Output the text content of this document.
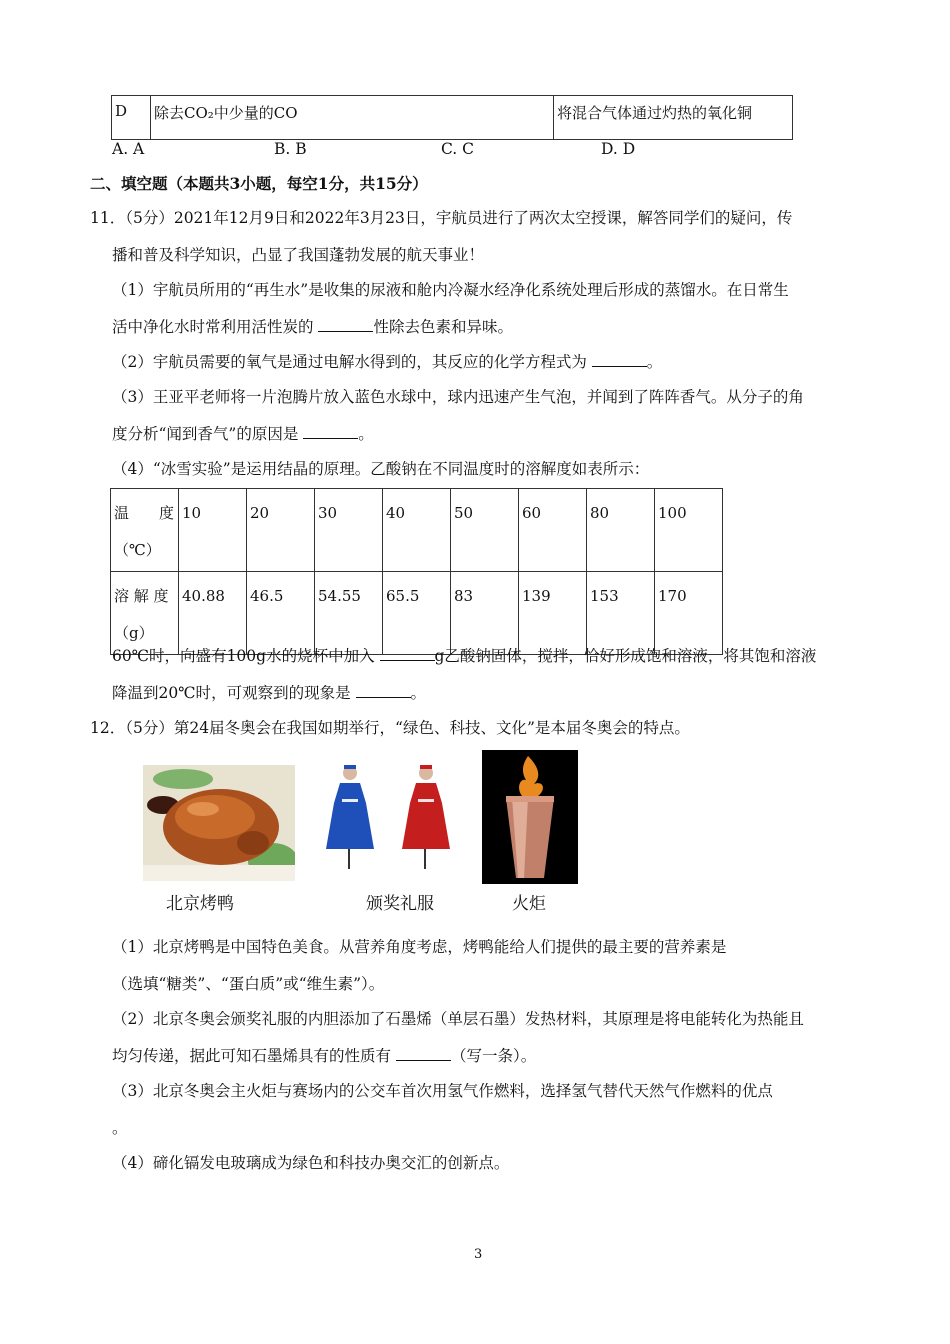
D	除去CO₂中少量的CO	将混合气体通过灼热的氧化铜
A. A	B. B	C. C	D. D
二、填空题（本题共3小题，每空1分，共15分）
11．（5分）2021年12月9日和2022年3月23日，宇航员进行了两次太空授课，解答同学们的疑问，传
播和普及科学知识，凸显了我国蓬勃发展的航天事业！
（1）宇航员所用的“再生水”是收集的尿液和舱内冷凝水经净化系统处理后形成的蒸馏水。在日常生
活中净化水时常利用活性炭的	性除去色素和异味。
（2）宇航员需要的氧气是通过电解水得到的，其反应的化学方程式为	。
（3）王亚平老师将一片泡腾片放入蓝色水球中，球内迅速产生气泡，并闻到了阵阵香气。从分子的角
度分析“闻到香气”的原因是	。
（4）“冰雪实验”是运用结晶的原理。乙酸钠在不同温度时的溶解度如表所示：
温　　度
（℃）	10	20	30	40	50	60	80	100

溶 解 度
（g）	40.88	46.5	54.55	65.5	83	139	153	170
60℃时，向盛有100g水的烧杯中加入	g乙酸钠固体，搅拌，恰好形成饱和溶液，将其饱和溶液
降温到20℃时，可观察到的现象是	。
12．（5分）第24届冬奥会在我国如期举行，“绿色、科技、文化”是本届冬奥会的特点。
北京烤鸭	颁奖礼服	火炬
（1）北京烤鸭是中国特色美食。从营养角度考虑，烤鸭能给人们提供的最主要的营养素是
（选填“糖类”、“蛋白质”或“维生素”）。
（2）北京冬奥会颁奖礼服的内胆添加了石墨烯（单层石墨）发热材料，其原理是将电能转化为热能且
均匀传递，据此可知石墨烯具有的性质有	（写一条）。
（3）北京冬奥会主火炬与赛场内的公交车首次用氢气作燃料，选择氢气替代天然气作燃料的优点
。
（4）碲化镉发电玻璃成为绿色和科技办奥交汇的创新点。
3
